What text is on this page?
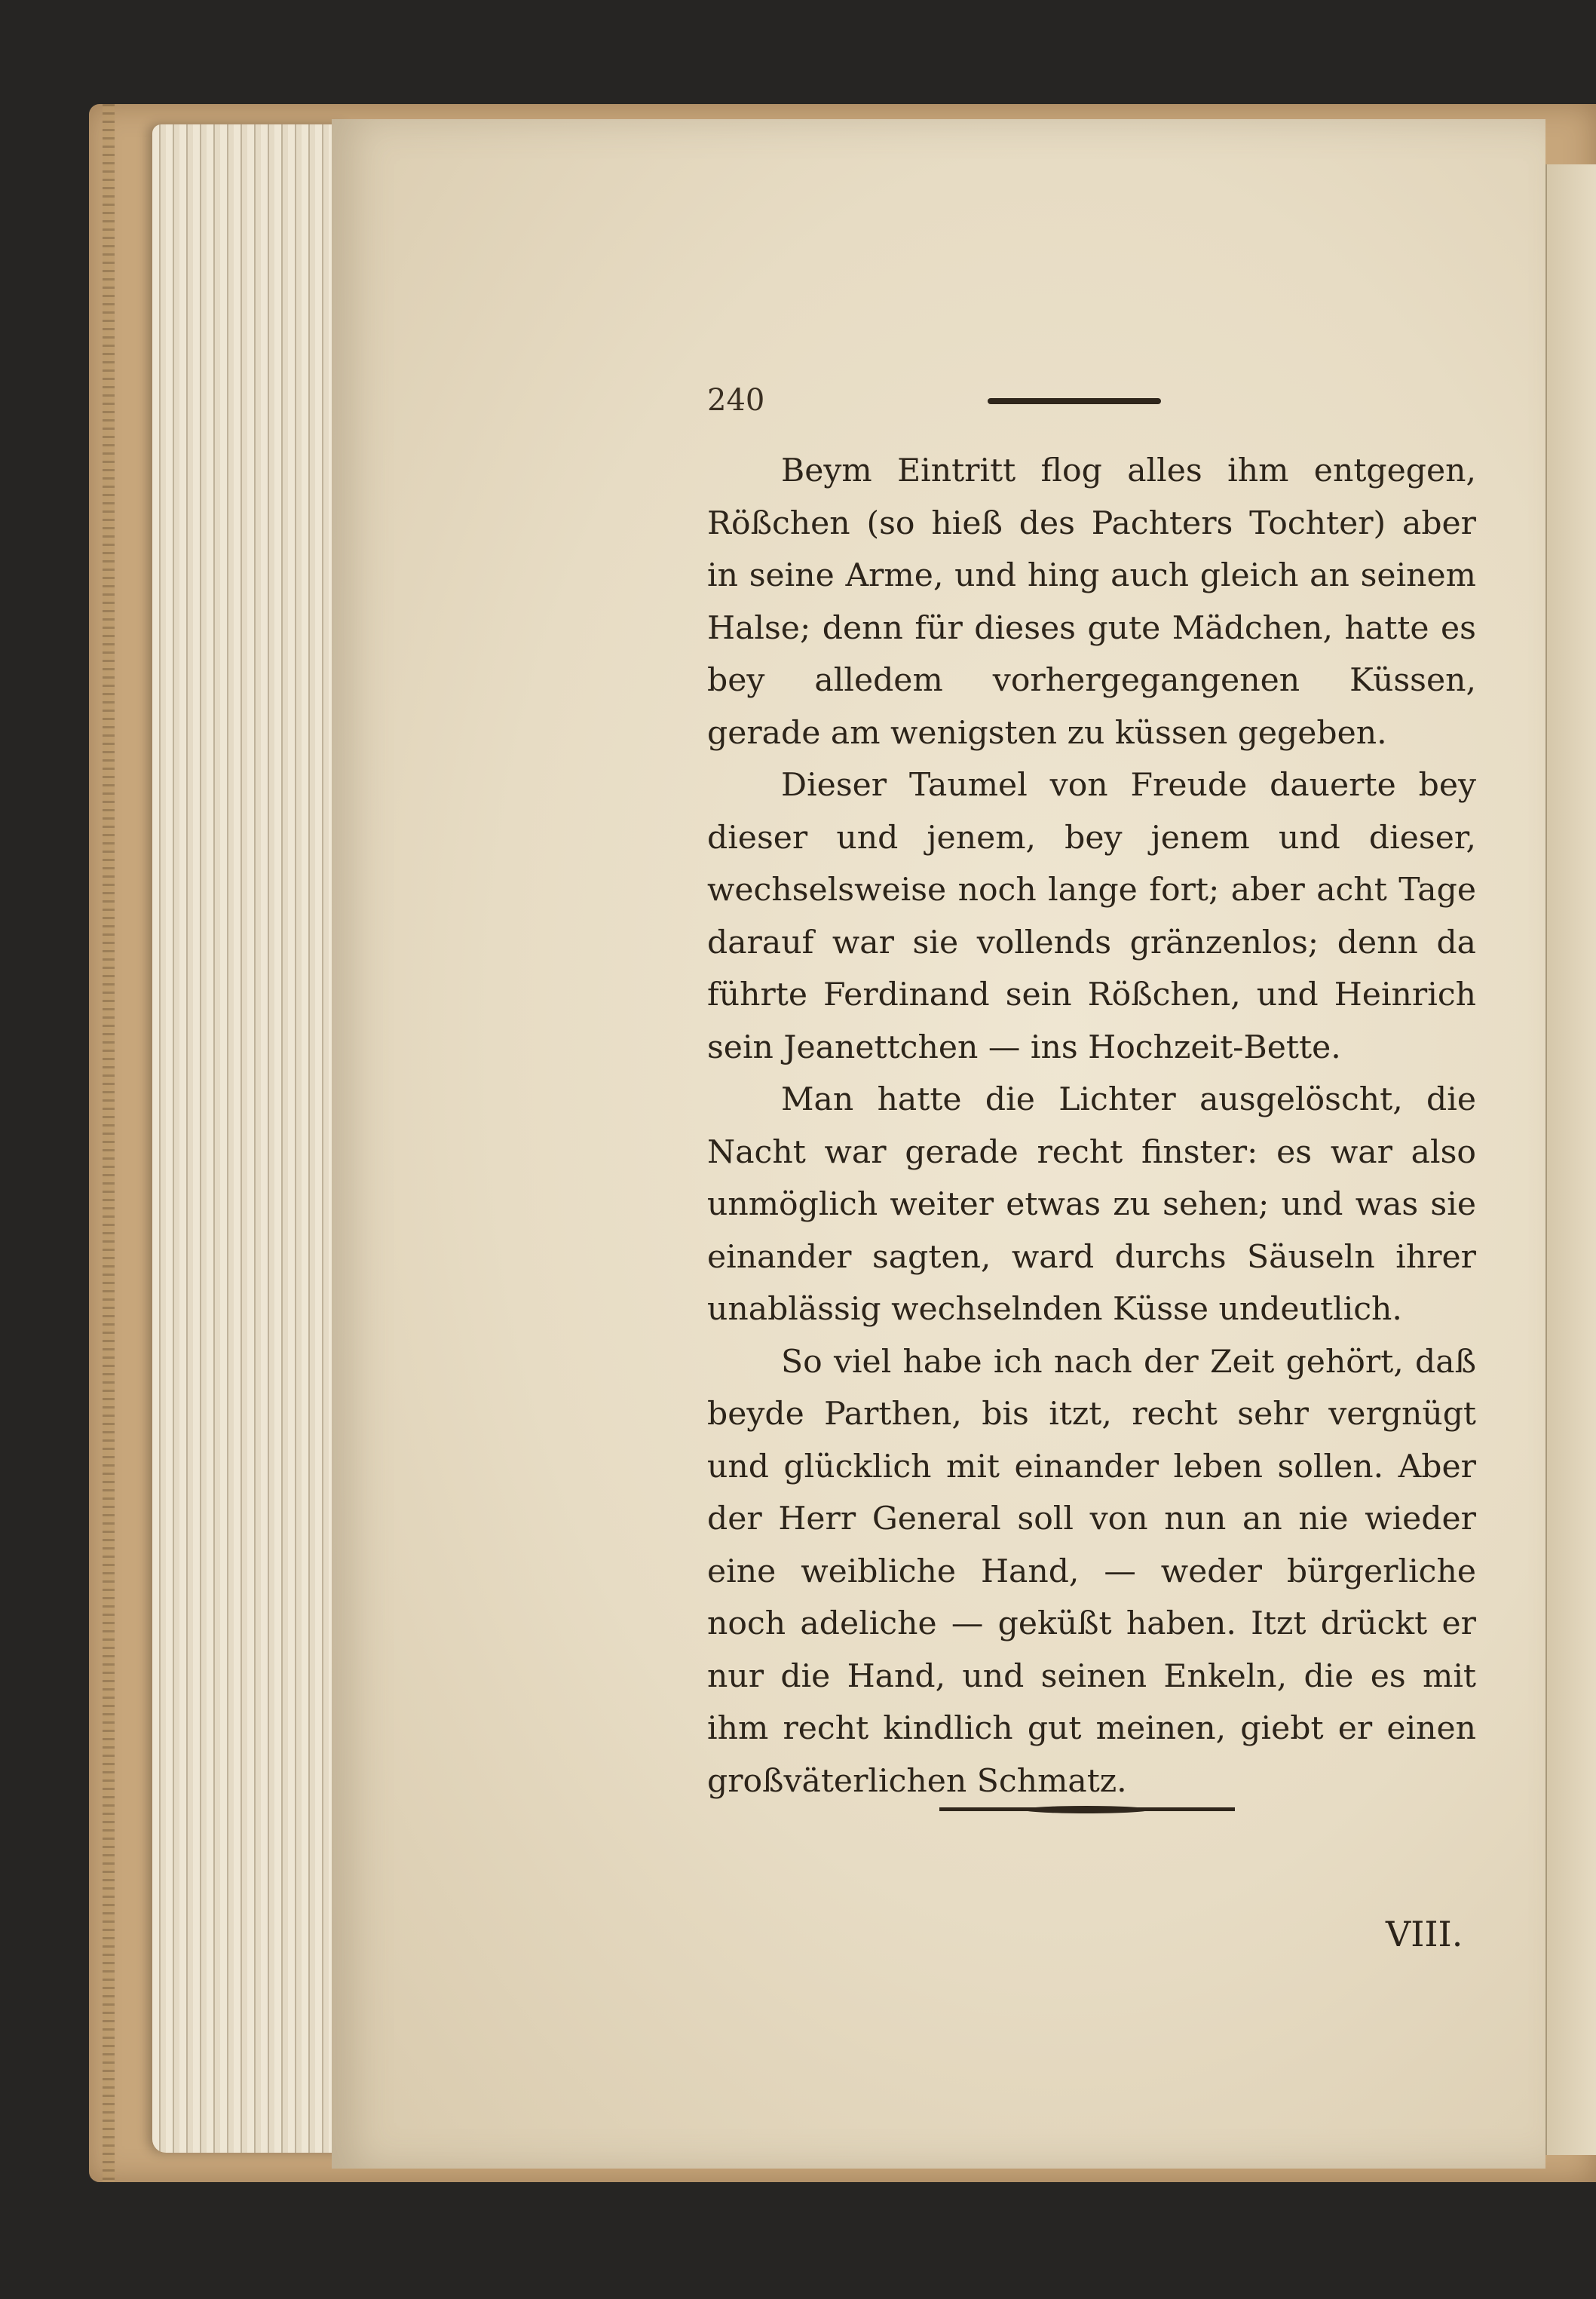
240

Beym Eintritt flog alles ihm entgegen, Rößchen (so hieß des Pachters Tochter) aber in seine Arme, und hing auch gleich an seinem Halse; denn für dieses gute Mädchen, hatte es bey alledem vorhergegangenen Küssen, gerade am wenigsten zu küssen gegeben.

Dieser Taumel von Freude dauerte bey dieser und jenem, bey jenem und dieser, wechselsweise noch lange fort; aber acht Tage darauf war sie vollends gränzenlos; denn da führte Ferdinand sein Rößchen, und Heinrich sein Jeanettchen — ins Hochzeit-Bette.

Man hatte die Lichter ausgelöscht, die Nacht war gerade recht finster: es war also unmöglich weiter etwas zu sehen; und was sie einander sagten, ward durchs Säuseln ihrer unablässig wechselnden Küsse undeutlich.

So viel habe ich nach der Zeit gehört, daß beyde Parthen, bis itzt, recht sehr vergnügt und glücklich mit einander leben sollen. Aber der Herr General soll von nun an nie wieder eine weibliche Hand, — weder bürgerliche noch adeliche — geküßt haben. Itzt drückt er nur die Hand, und seinen Enkeln, die es mit ihm recht kindlich gut meinen, giebt er einen großväterlichen Schmatz.

VIII.
